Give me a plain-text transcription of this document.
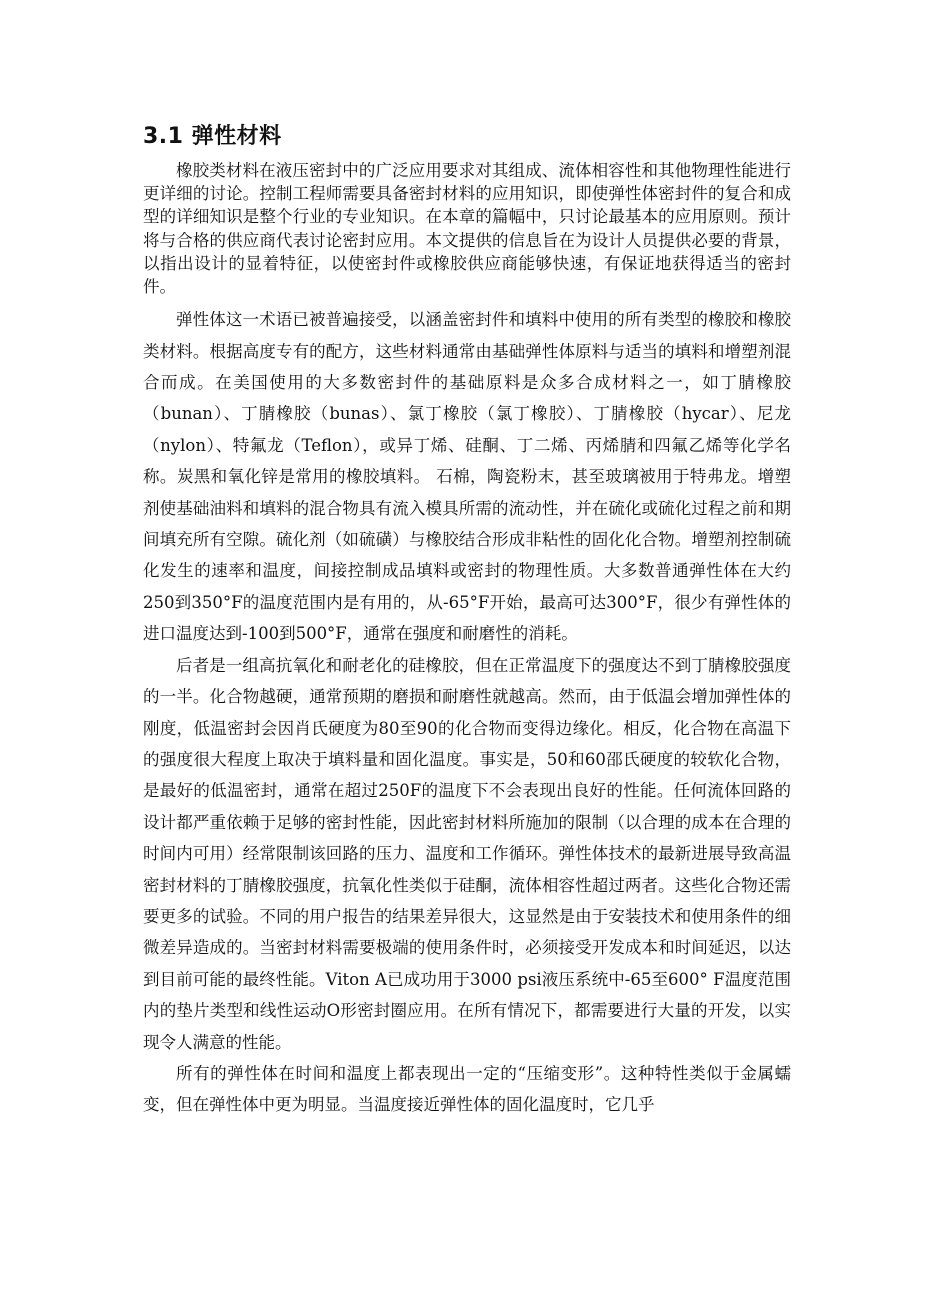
3.1 弹性材料

橡胶类材料在液压密封中的广泛应用要求对其组成、流体相容性和其他物理性能进行更详细的讨论。控制工程师需要具备密封材料的应用知识，即使弹性体密封件的复合和成型的详细知识是整个行业的专业知识。在本章的篇幅中，只讨论最基本的应用原则。预计将与合格的供应商代表讨论密封应用。本文提供的信息旨在为设计人员提供必要的背景，以指出设计的显着特征，以使密封件或橡胶供应商能够快速，有保证地获得适当的密封件。

弹性体这一术语已被普遍接受，以涵盖密封件和填料中使用的所有类型的橡胶和橡胶类材料。根据高度专有的配方，这些材料通常由基础弹性体原料与适当的填料和增塑剂混合而成。在美国使用的大多数密封件的基础原料是众多合成材料之一，如丁腈橡胶（bunan）、丁腈橡胶（bunas）、氯丁橡胶（氯丁橡胶）、丁腈橡胶（hycar）、尼龙（nylon）、特氟龙（Teflon），或异丁烯、硅酮、丁二烯、丙烯腈和四氟乙烯等化学名称。炭黑和氧化锌是常用的橡胶填料。 石棉，陶瓷粉末，甚至玻璃被用于特弗龙。增塑剂使基础油料和填料的混合物具有流入模具所需的流动性，并在硫化或硫化过程之前和期间填充所有空隙。硫化剂（如硫磺）与橡胶结合形成非粘性的固化化合物。增塑剂控制硫化发生的速率和温度，间接控制成品填料或密封的物理性质。大多数普通弹性体在大约250到350°F的温度范围内是有用的，从-65°F开始，最高可达300°F，很少有弹性体的进口温度达到-100到500°F，通常在强度和耐磨性的消耗。

后者是一组高抗氧化和耐老化的硅橡胶，但在正常温度下的强度达不到丁腈橡胶强度的一半。化合物越硬，通常预期的磨损和耐磨性就越高。然而，由于低温会增加弹性体的刚度，低温密封会因肖氏硬度为80至90的化合物而变得边缘化。相反，化合物在高温下的强度很大程度上取决于填料量和固化温度。事实是，50和60邵氏硬度的较软化合物，是最好的低温密封，通常在超过250F的温度下不会表现出良好的性能。任何流体回路的设计都严重依赖于足够的密封性能，因此密封材料所施加的限制（以合理的成本在合理的时间内可用）经常限制该回路的压力、温度和工作循环。弹性体技术的最新进展导致高温密封材料的丁腈橡胶强度，抗氧化性类似于硅酮，流体相容性超过两者。这些化合物还需要更多的试验。不同的用户报告的结果差异很大，这显然是由于安装技术和使用条件的细微差异造成的。当密封材料需要极端的使用条件时，必须接受开发成本和时间延迟，以达到目前可能的最终性能。Viton A已成功用于3000 psi液压系统中-65至600° F温度范围内的垫片类型和线性运动O形密封圈应用。在所有情况下，都需要进行大量的开发，以实现令人满意的性能。

所有的弹性体在时间和温度上都表现出一定的“压缩变形”。这种特性类似于金属蠕变，但在弹性体中更为明显。当温度接近弹性体的固化温度时，它几乎
